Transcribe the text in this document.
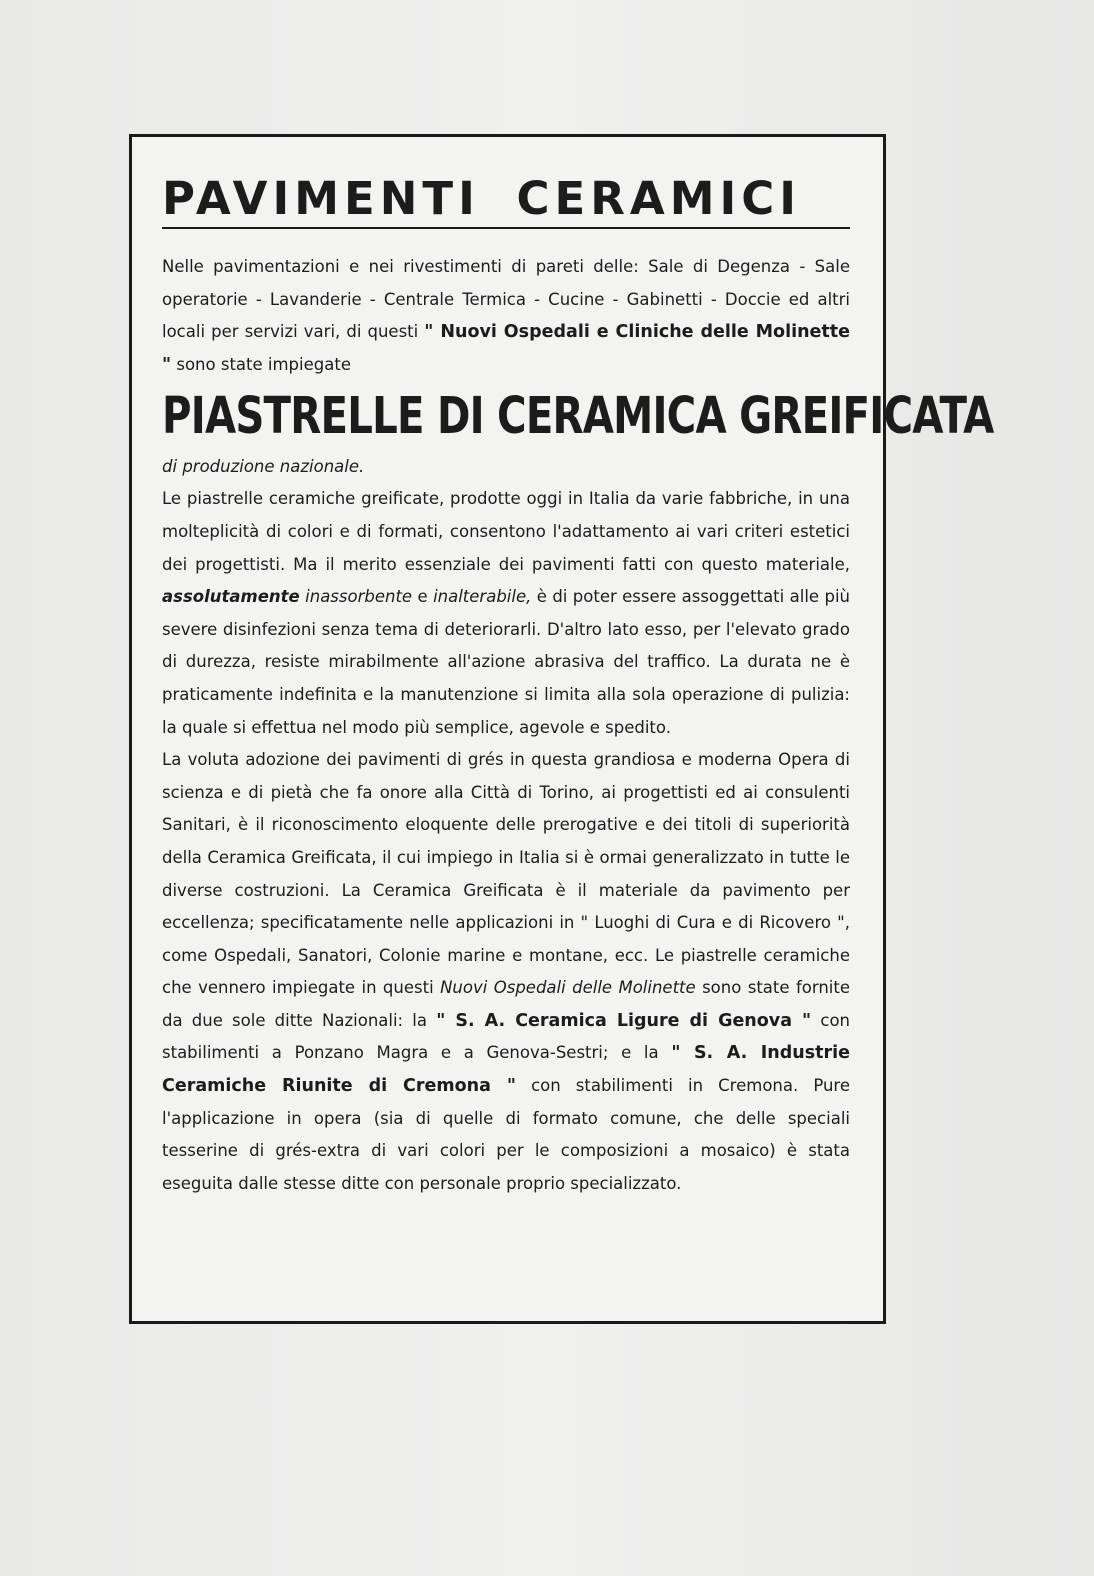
PAVIMENTI CERAMICI

Nelle pavimentazioni e nei rivestimenti di pareti delle: Sale di Degenza - Sale operatorie - Lavanderie - Centrale Termica - Cucine - Gabinetti - Doccie ed altri locali per servizi vari, di questi " Nuovi Ospedali e Cliniche delle Molinette " sono state impiegate

PIASTRELLE DI CERAMICA GREIFICATA

di produzione nazionale.

Le piastrelle ceramiche greificate, prodotte oggi in Italia da varie fabbriche, in una molteplicità di colori e di formati, consentono l'adattamento ai vari criteri estetici dei progettisti. Ma il merito essenziale dei pavimenti fatti con questo materiale, assolutamente inassorbente e inalterabile, è di poter essere assoggettati alle più severe disinfezioni senza tema di deteriorarli. D'altro lato esso, per l'elevato grado di durezza, resiste mirabilmente all'azione abrasiva del traffico. La durata ne è praticamente indefinita e la manutenzione si limita alla sola operazione di pulizia: la quale si effettua nel modo più semplice, agevole e spedito.

La voluta adozione dei pavimenti di grés in questa grandiosa e moderna Opera di scienza e di pietà che fa onore alla Città di Torino, ai progettisti ed ai consulenti Sanitari, è il riconoscimento eloquente delle prerogative e dei titoli di superiorità della Ceramica Greificata, il cui impiego in Italia si è ormai generalizzato in tutte le diverse costruzioni. La Ceramica Greificata è il materiale da pavimento per eccellenza; specificatamente nelle applicazioni in " Luoghi di Cura e di Ricovero ", come Ospedali, Sanatori, Colonie marine e montane, ecc. Le piastrelle ceramiche che vennero impiegate in questi Nuovi Ospedali delle Molinette sono state fornite da due sole ditte Nazionali: la " S. A. Ceramica Ligure di Genova " con stabilimenti a Ponzano Magra e a Genova-Sestri; e la " S. A. Industrie Ceramiche Riunite di Cremona " con stabilimenti in Cremona. Pure l'applicazione in opera (sia di quelle di formato comune, che delle speciali tesserine di grés-extra di vari colori per le composizioni a mosaico) è stata eseguita dalle stesse ditte con personale proprio specializzato.
